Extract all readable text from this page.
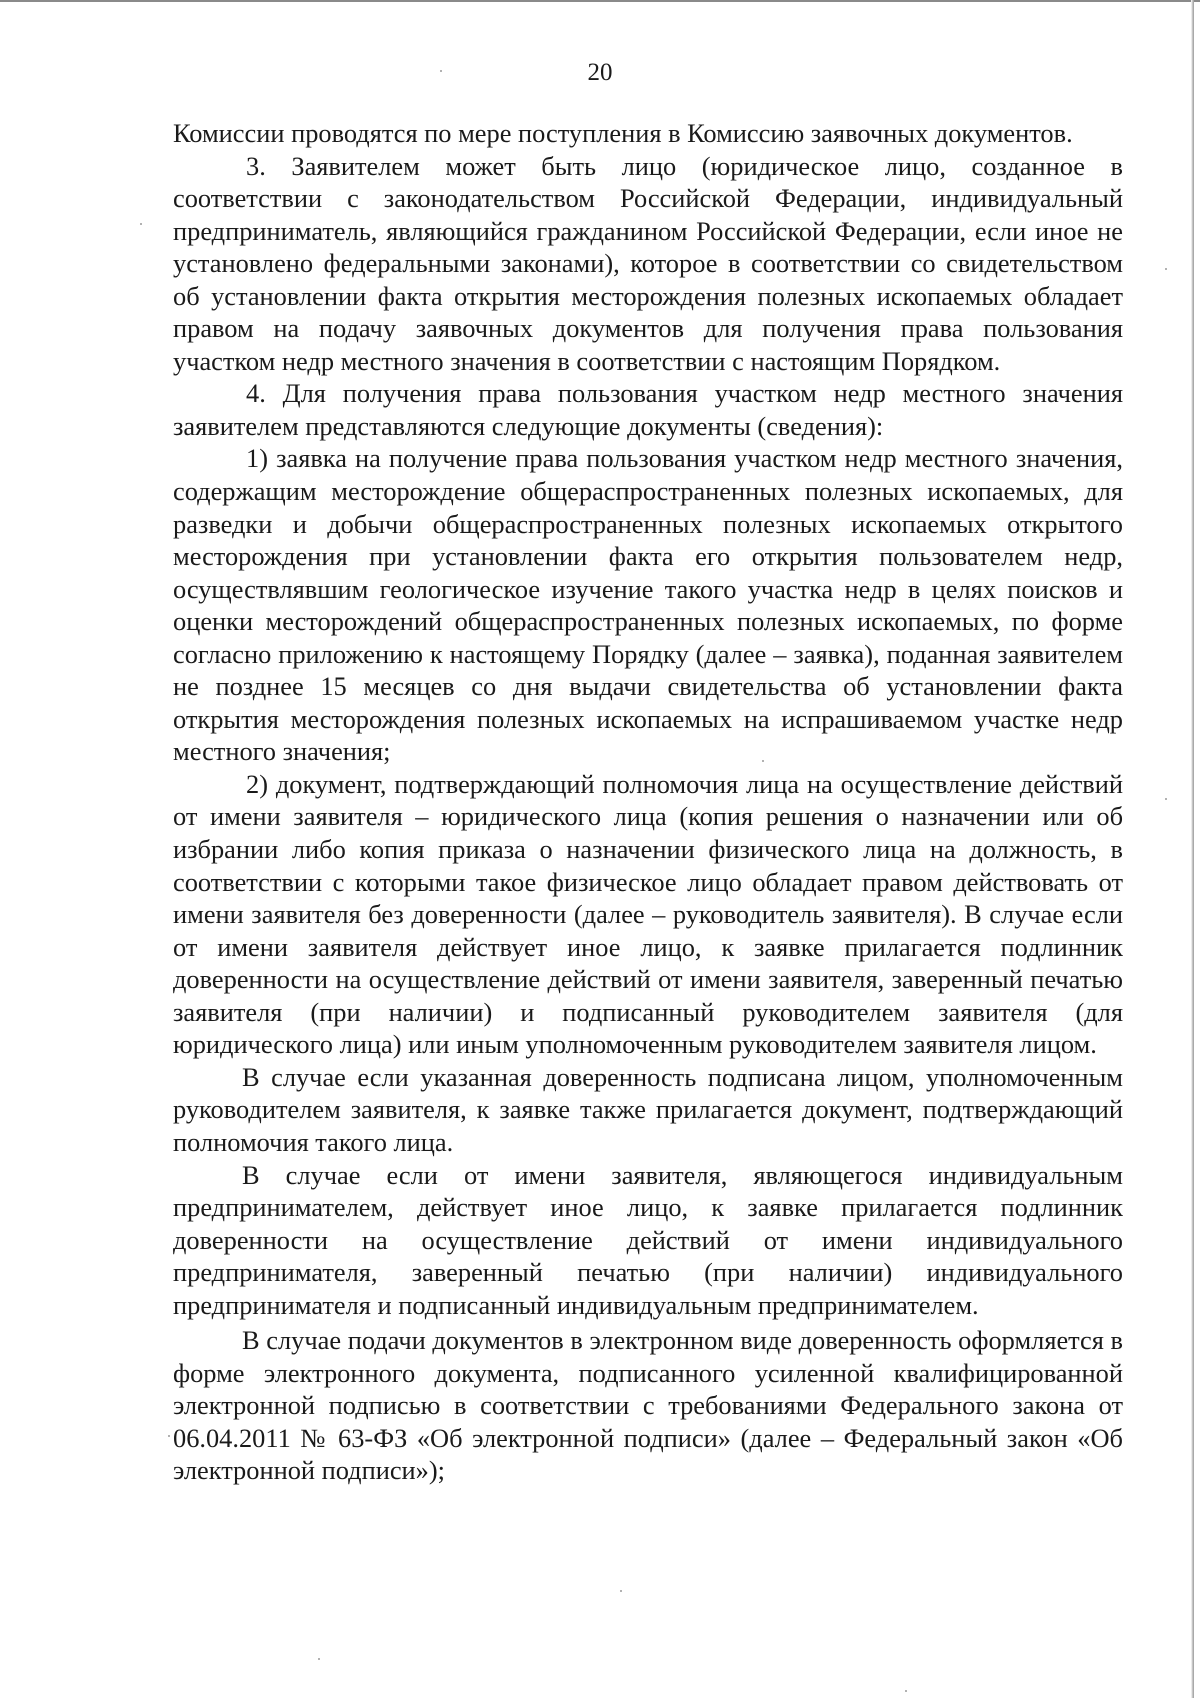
20

Комиссии проводятся по мере поступления в Комиссию заявочных документов.

3. Заявителем может быть лицо (юридическое лицо, созданное в соответствии с законодательством Российской Федерации, индивидуальный предприниматель, являющийся гражданином Российской Федерации, если иное не установлено федеральными законами), которое в соответствии со свидетельством об установлении факта открытия месторождения полезных ископаемых обладает правом на подачу заявочных документов для получения права пользования участком недр местного значения в соответствии с настоящим Порядком.

4. Для получения права пользования участком недр местного значения заявителем представляются следующие документы (сведения):

1) заявка на получение права пользования участком недр местного значения, содержащим месторождение общераспространенных полезных ископаемых, для разведки и добычи общераспространенных полезных ископаемых открытого месторождения при установлении факта его открытия пользователем недр, осуществлявшим геологическое изучение такого участка недр в целях поисков и оценки месторождений общераспространенных полезных ископаемых, по форме согласно приложению к настоящему Порядку (далее – заявка), поданная заявителем не позднее 15 месяцев со дня выдачи свидетельства об установлении факта открытия месторождения полезных ископаемых на испрашиваемом участке недр местного значения;

2) документ, подтверждающий полномочия лица на осуществление действий от имени заявителя – юридического лица (копия решения о назначении или об избрании либо копия приказа о назначении физического лица на должность, в соответствии с которыми такое физическое лицо обладает правом действовать от имени заявителя без доверенности (далее – руководитель заявителя). В случае если от имени заявителя действует иное лицо, к заявке прилагается подлинник доверенности на осуществление действий от имени заявителя, заверенный печатью заявителя (при наличии) и подписанный руководителем заявителя (для юридического лица) или иным уполномоченным руководителем заявителя лицом.

В случае если указанная доверенность подписана лицом, уполномоченным руководителем заявителя, к заявке также прилагается документ, подтверждающий полномочия такого лица.

В случае если от имени заявителя, являющегося индивидуальным предпринимателем, действует иное лицо, к заявке прилагается подлинник доверенности на осуществление действий от имени индивидуального предпринимателя, заверенный печатью (при наличии) индивидуального предпринимателя и подписанный индивидуальным предпринимателем.

В случае подачи документов в электронном виде доверенность оформляется в форме электронного документа, подписанного усиленной квалифицированной электронной подписью в соответствии с требованиями Федерального закона от 06.04.2011 № 63-ФЗ «Об электронной подписи» (далее – Федеральный закон «Об электронной подписи»);
